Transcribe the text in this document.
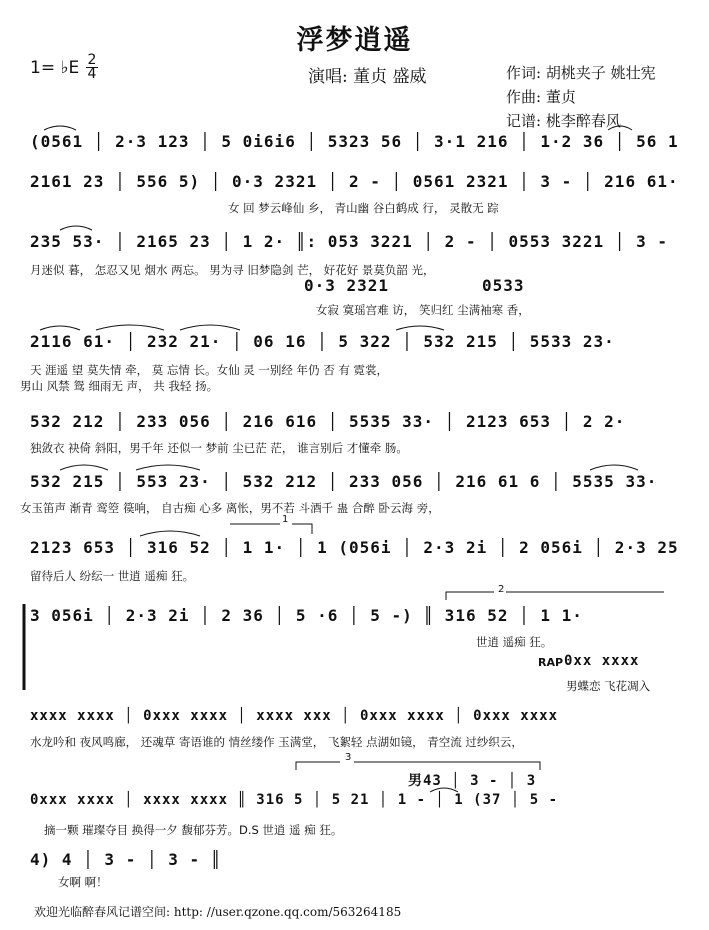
浮梦逍遥
1= ♭E 2
4	演唱: 董贞 盛威	作词: 胡桃夹子 姚壮宪
作曲: 董贞
记谱: 桃李醉春风
(0561 │ 2·3 123 │ 5 0i6i6 │ 5323 56 │ 3·1 216 │ 1·2 36 │ 56 1
2161 23 │ 556 5) │ 0·3 2321 │ 2 - │ 0561 2321 │ 3 - │ 216 61·
女 回 梦云峰仙 乡， 青山幽 谷白鹤成 行， 灵散无 踪
235 53· │ 2165 23 │ 1 2· ║: 053 3221 │ 2 - │ 0553 3221 │ 3 -
月迷似 暮， 怎忍又见 烟水 两忘。 男为寻 旧梦隐剑 芒， 好花好 景莫负韶 光，
0·3 2321	0533
女寂 寞瑶宫难 访， 笑归红 尘满袖寒 香，
2116 61· │ 232 21· │ 06 16 │ 5 322 │ 532 215 │ 5533 23·
天 涯遥 望 莫失情 牵， 莫 忘情 长。女仙 灵 一别经 年仍 否 有 霓裳，
男山 风禁 鸳 细雨无 声， 共 我轻 扬。
532 212 │ 233 056 │ 216 616 │ 5535 33· │ 2123 653 │ 2 2·
独敛衣 袂倚 斜阳，男千年 还似一 梦前 尘已茫 茫， 谁言别后 才懂牵 肠。
532 215 │ 553 23· │ 532 212 │ 233 056 │ 216 61 6 │ 5535 33·
女玉笛声 渐青 鸾箜 篌响， 自古痴 心多 离怅，男不若 斗酒千 蛊 合醉 卧云海 旁，
2123 653 │ 316 52 │ 1 1· │ 1 (056i │ 2·3 2i │ 2 056i │ 2·3 25
留待后人 纷纭一 世逍 遥痴 狂。
3 056i │ 2·3 2i │ 2 36 │ 5 ·6 │ 5 -) ║ 316 52 │ 1 1·
世逍 遥痴 狂。
RAP 0xx xxxx
男蝶恋 飞花凋入
xxxx xxxx │ 0xxx xxxx │ xxxx xxx │ 0xxx xxxx │ 0xxx xxxx
水龙吟和 夜风鸣廊， 还魂草 寄语谁的 情丝缕作 玉满堂， 飞絮轻 点湖如镜， 青空流 过纱织云，
0xxx xxxx │ xxxx xxxx ║ 316 5 │ 5 21 │ 1 - │ 1 (37 │ 5 -
男43 │ 3 - │ 3
摘一颗 璀璨夺目 换得一夕 馥郁芬芳。D.S 世逍 遥 痴 狂。
4) 4 │ 3 - │ 3 - ║
女啊 啊！
1
2
3
欢迎光临醉春风记谱空间: http: //user.qzone.qq.com/563264185
